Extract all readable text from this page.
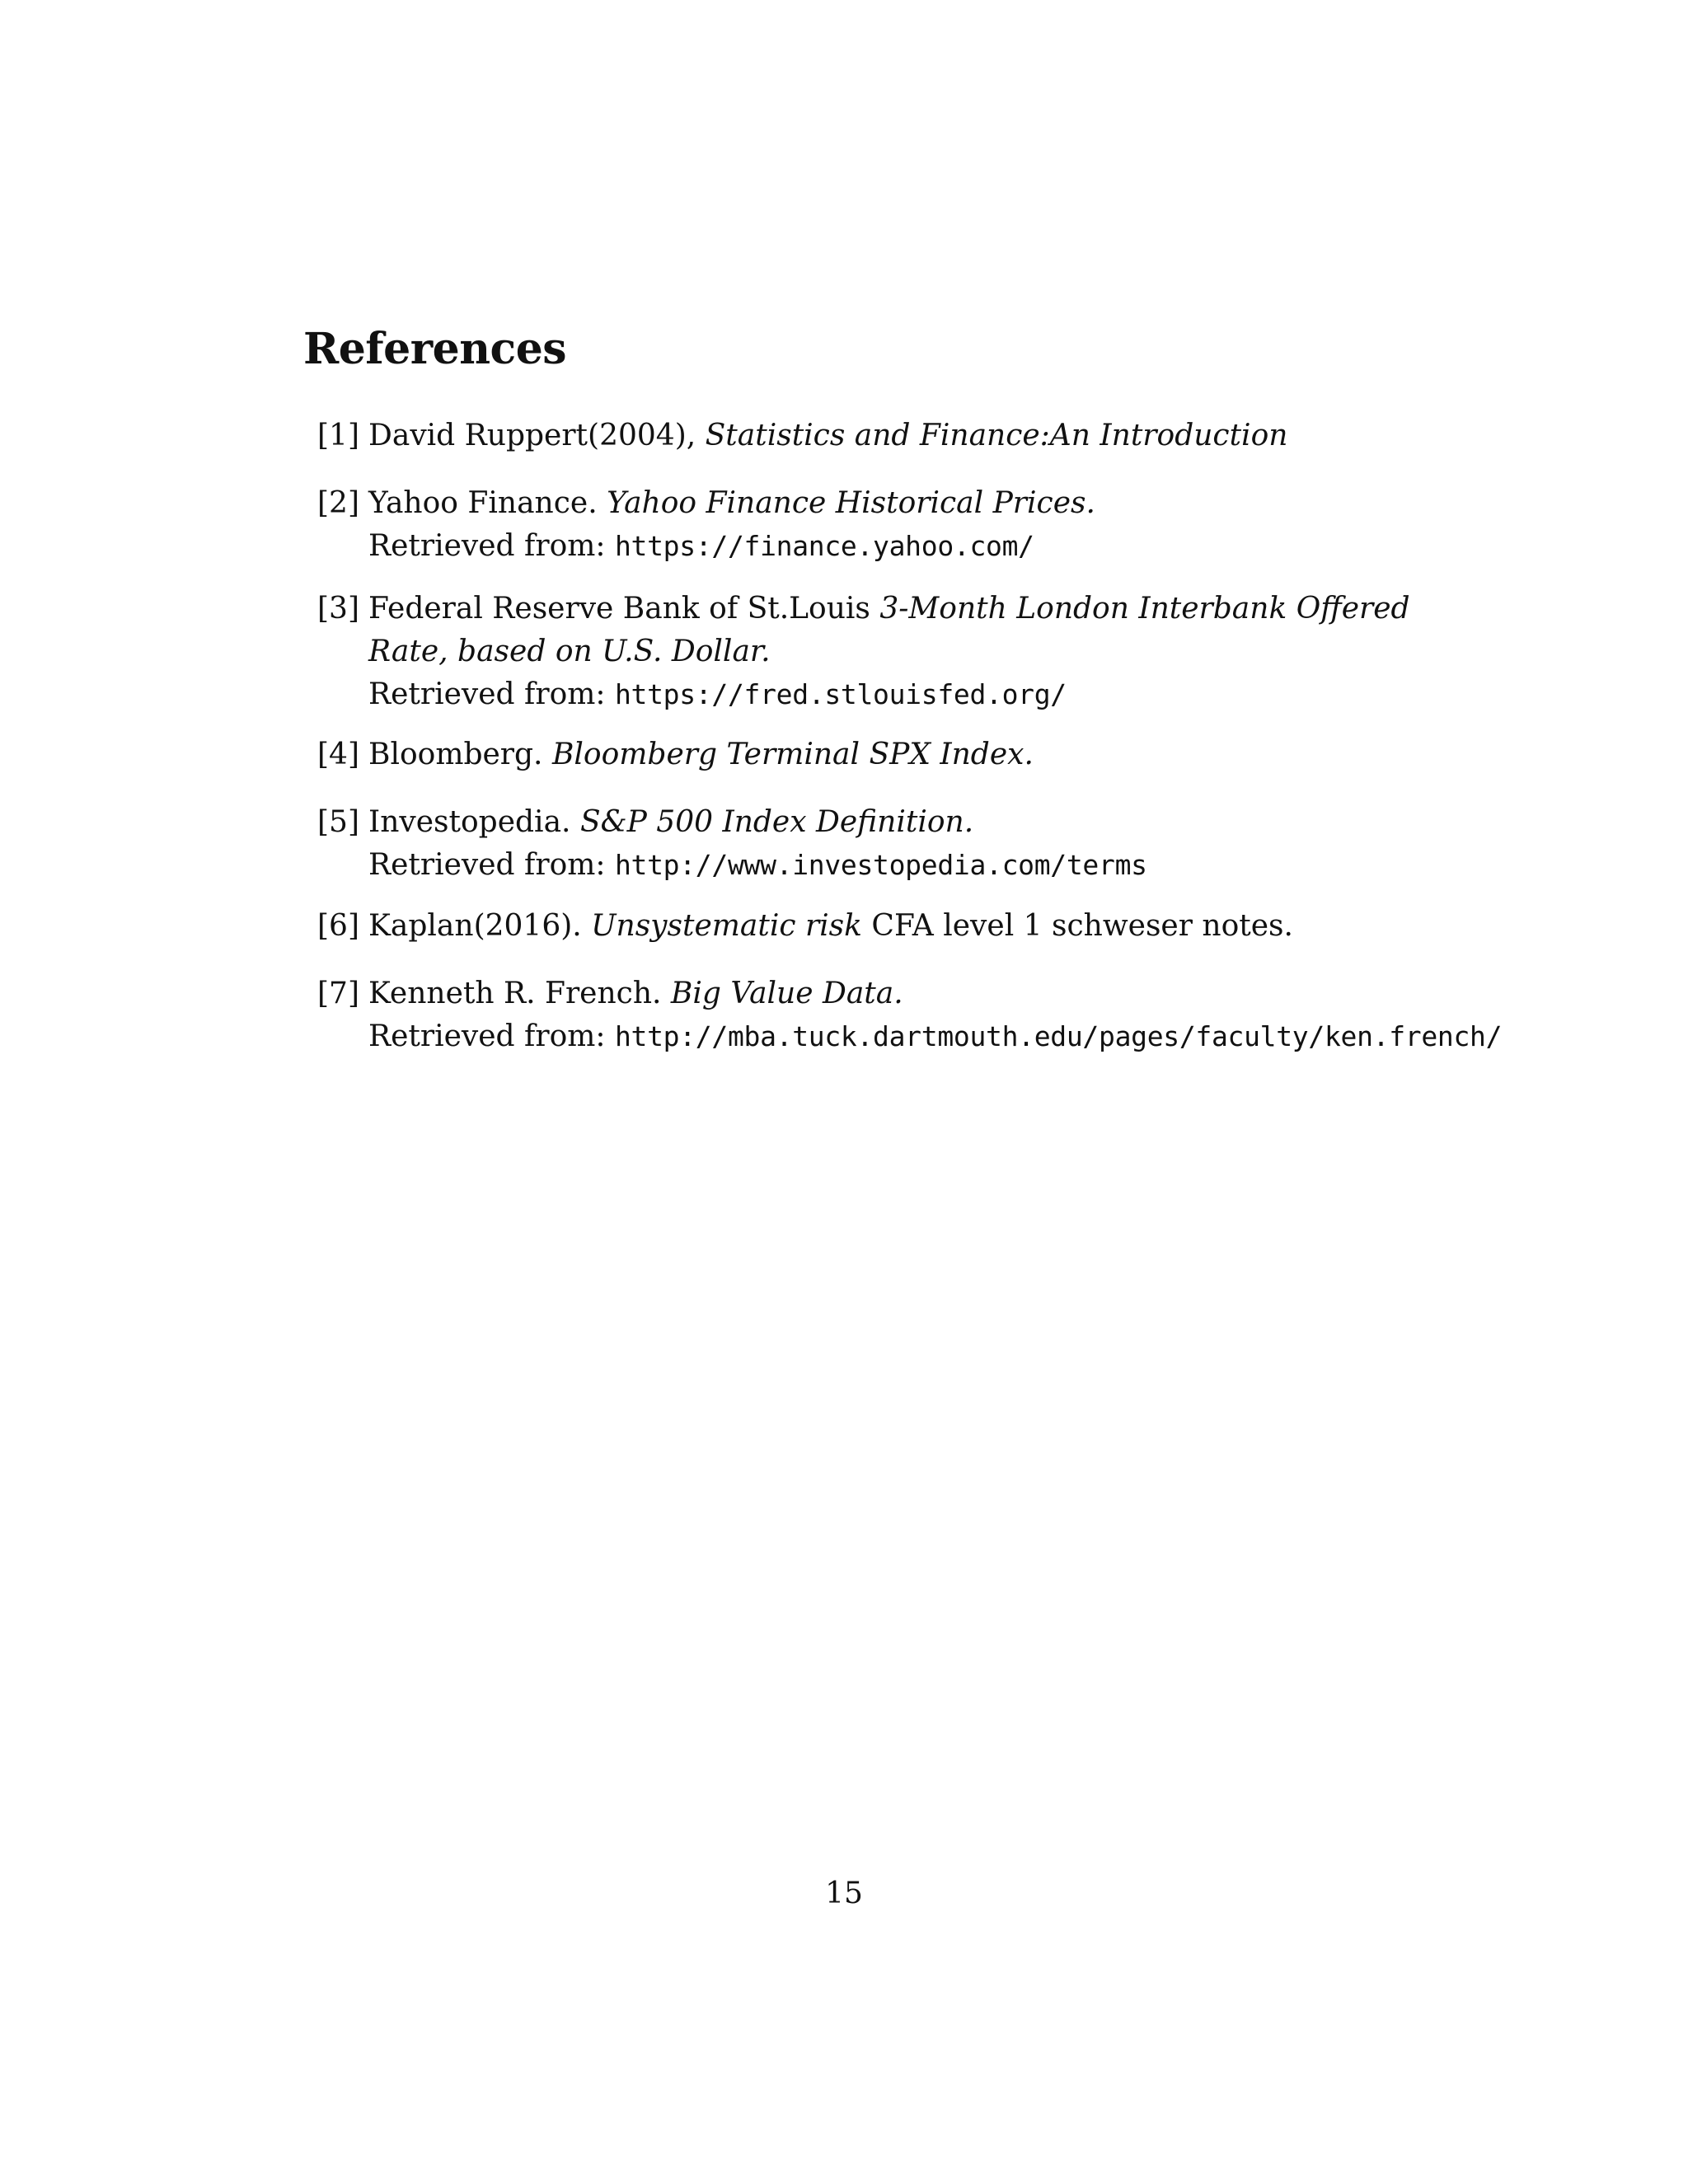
References
[1] David Ruppert(2004), Statistics and Finance:An Introduction
[2] Yahoo Finance. Yahoo Finance Historical Prices.
Retrieved from: https://finance.yahoo.com/
[3] Federal Reserve Bank of St.Louis 3-Month London Interbank Offered
Rate, based on U.S. Dollar.
Retrieved from: https://fred.stlouisfed.org/
[4] Bloomberg. Bloomberg Terminal SPX Index.
[5] Investopedia. S&P 500 Index Definition.
Retrieved from: http://www.investopedia.com/terms
[6] Kaplan(2016). Unsystematic risk CFA level 1 schweser notes.
[7] Kenneth R. French. Big Value Data.
Retrieved from: http://mba.tuck.dartmouth.edu/pages/faculty/ken.french/
15
